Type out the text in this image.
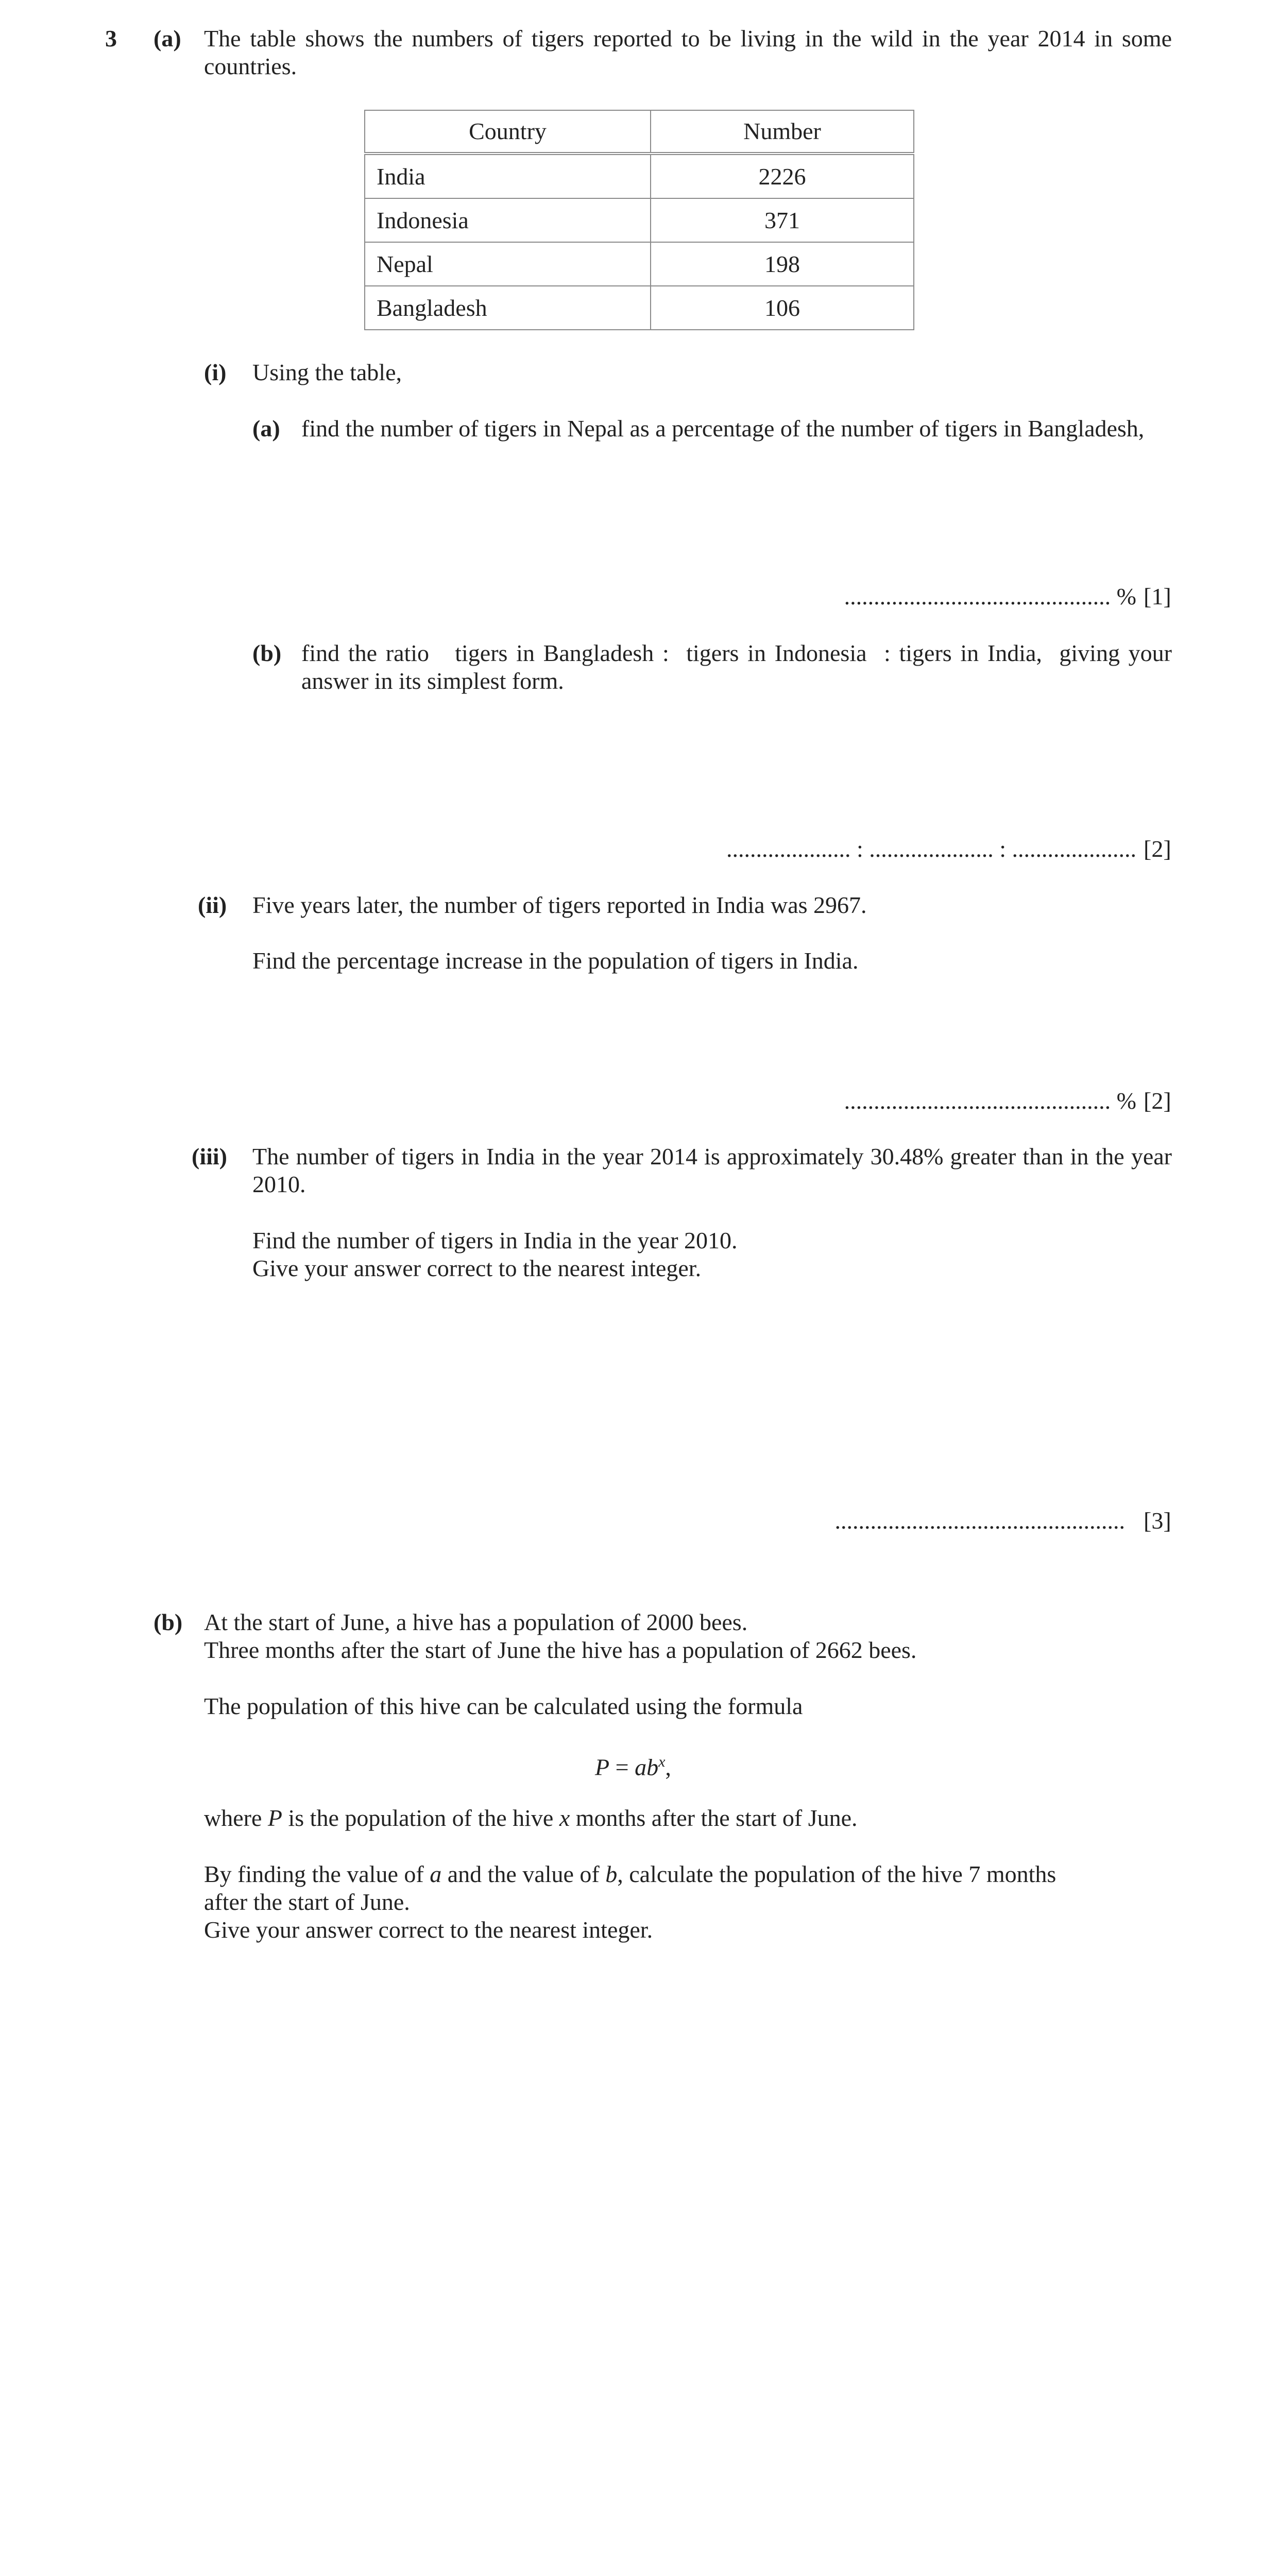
3 (a) The table shows the numbers of tigers reported to be living in the wild in the year 2014 in some countries.
Country	Number
India	2226
Indonesia	371
Nepal	198
Bangladesh	106
(i) Using the table,
(a) find the number of tigers in Nepal as a percentage of the number of tigers in Bangladesh,
............................................. % [1]
(b) find the ratio   tigers in Bangladesh :  tigers in Indonesia  : tigers in India,  giving your answer in its simplest form.
..................... : ..................... : ..................... [2]
(ii) Five years later, the number of tigers reported in India was 2967.
Find the percentage increase in the population of tigers in India.
............................................. % [2]
(iii) The number of tigers in India in the year 2014 is approximately 30.48% greater than in the year 2010.
Find the number of tigers in India in the year 2010.
Give your answer correct to the nearest integer.
................................................. [3]
(b) At the start of June, a hive has a population of 2000 bees.
Three months after the start of June the hive has a population of 2662 bees.
The population of this hive can be calculated using the formula
$P = ab^x$,
where P is the population of the hive x months after the start of June.
By finding the value of a and the value of b, calculate the population of the hive 7 months after the start of June.
Give your answer correct to the nearest integer.
